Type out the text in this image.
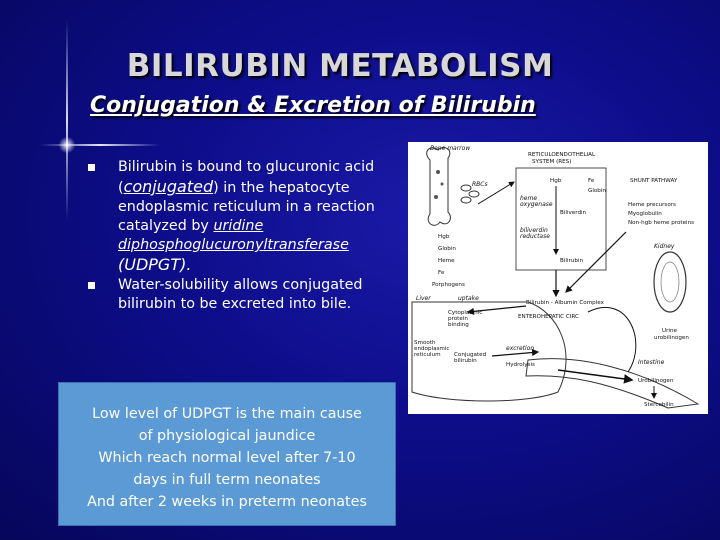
BILIRUBIN METABOLISM
Conjugation & Excretion of Bilirubin
Bilirubin is bound to glucuronic acid
(conjugated) in the hepatocyte
endoplasmic reticulum in a reaction
catalyzed by uridine
diphosphoglucuronyltransferase
(UDPGT).
Water-solubility allows conjugated
bilirubin to be excreted into bile.
Low level of UDPGT is the main cause
of physiological jaundice
Which reach normal level after 7-10
days in full term neonates
And after 2 weeks in preterm neonates
Bone marrow
RBCs
Hgb
Globin
Heme
Fe
Porphogens
RETICULOENDOTHELIAL
SYSTEM (RES)
Hgb	Fe
Globin
heme
oxygenase
Biliverdin
biliverdin
reductase
Bilirubin
SHUNT PATHWAY
Heme precursors
Myoglobulin
Non-hgb heme proteins
Bilirubin - Albumin Complex
Kidney
Urine
urobilinogen
Liver	uptake
ENTEROHEPATIC CIRC
Cytoplasmic
protein
binding
Smooth
endoplasmic
reticulum Conjugated
bilirubin
excretion
Hydrolysis	Intestine
Urobilinogen
Stercobilin
